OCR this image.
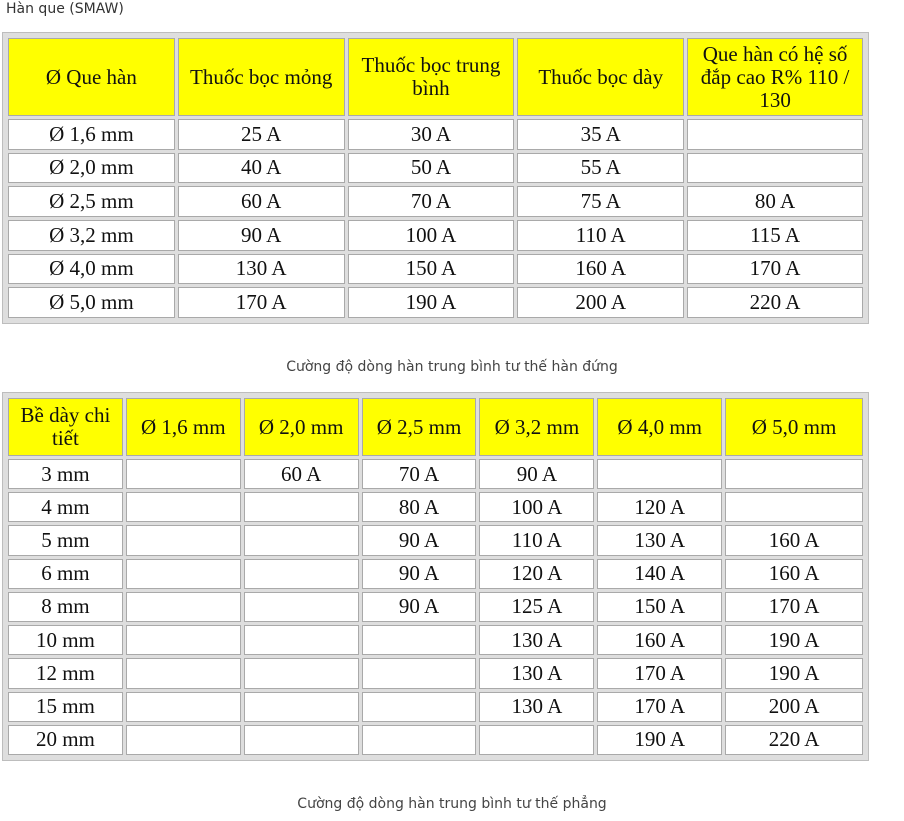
Hàn que (SMAW)
Ø Que hàn	Thuốc bọc mỏng	Thuốc bọc trung bình	Thuốc bọc dày	Que hàn có hệ số đắp cao R% 110 / 130
Ø 1,6 mm	25 A	30 A	35 A	
Ø 2,0 mm	40 A	50 A	55 A	
Ø 2,5 mm	60 A	70 A	75 A	80 A
Ø 3,2 mm	90 A	100 A	110 A	115 A
Ø 4,0 mm	130 A	150 A	160 A	170 A
Ø 5,0 mm	170 A	190 A	200 A	220 A
Cường độ dòng hàn trung bình tư thế hàn đứng
Bề dày chi tiết	Ø 1,6 mm	Ø 2,0 mm	Ø 2,5 mm	Ø 3,2 mm	Ø 4,0 mm	Ø 5,0 mm
3 mm		60 A	70 A	90 A		
4 mm			80 A	100 A	120 A	
5 mm			90 A	110 A	130 A	160 A
6 mm			90 A	120 A	140 A	160 A
8 mm			90 A	125 A	150 A	170 A
10 mm				130 A	160 A	190 A
12 mm				130 A	170 A	190 A
15 mm				130 A	170 A	200 A
20 mm					190 A	220 A
Cường độ dòng hàn trung bình tư thế phẳng
